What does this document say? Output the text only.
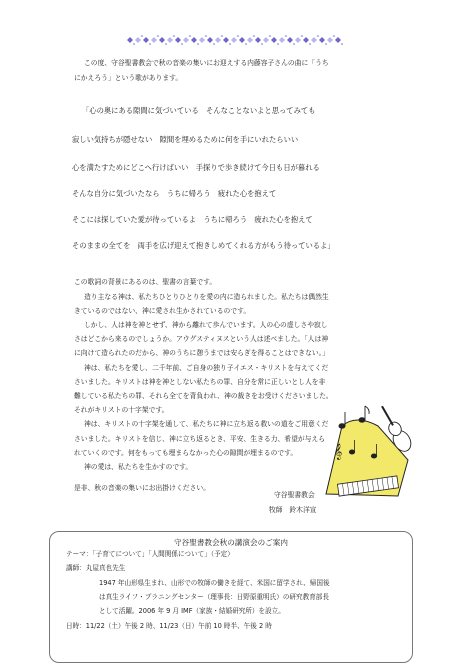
この度、守谷聖書教会で秋の音楽の集いにお迎えする内藤容子さんの曲に「うち
にかえろう」という歌があります。
「心の奥にある隙間に気づいている　そんなことないよと思ってみても
寂しい気持ちが隠せない　隙間を埋めるために何を手にいれたらいい
心を満たすためにどこへ行けばいい　手探りで歩き続けて今日も日が暮れる
そんな自分に気づいたなら　うちに帰ろう　疲れた心を抱えて
そこには探していた愛が待っているよ　うちに帰ろう　疲れた心を抱えて
そのままの全てを　両手を広げ迎えて抱きしめてくれる方がもう待っているよ」
この歌詞の背景にあるのは、聖書の言葉です。
造り主なる神は、私たちひとりひとりを愛の内に造られました。私たちは偶然生
きているのではない、神に愛され生かされているのです。
しかし、人は神を神とせず、神から離れて歩んでいます。人の心の虚しさや寂し
さはどこから来るのでしょうか。アウグスティヌスという人は述べました。「人は神
に向けて造られたのだから、神のうちに憩うまでは安らぎを得ることはできない。」
神は、私たちを愛し、二千年前、ご自身の独り子イエス・キリストを与えてくだ
さいました。キリストは神を神としない私たちの罪、自分を常に正しいとし人を非
難している私たちの罪、それら全てを背負われ、神の裁きをお受けくださいました。
それがキリストの十字架です。
神は、キリストの十字架を通して、私たちに神に立ち返る救いの道をご用意くだ
さいました。キリストを信じ、神に立ち返るとき、平安、生きる力、希望が与えら
れていくのです。何をもっても埋まらなかった心の隙間が埋まるのです。
神の愛は、私たちを生かすのです。
是非、秋の音楽の集いにお出掛けください。
守谷聖書教会
牧師　鈴木洋宣
𝄞
守谷聖書教会秋の講演会のご案内
テーマ：「子育てについて」「人間関係について」（予定）
講師：丸屋真也先生
1947 年山形県生まれ、山形での牧師の働きを経て、米国に留学され、帰国後
は真生ライフ・プラニングセンター（理事長：日野原重明氏）の研究教育部長
として活躍。2006 年 9 月 IMF（家族・結婚研究所）を設立。
日時：11/22（土）午後 2 時、11/23（日）午前 10 時半、午後 2 時
